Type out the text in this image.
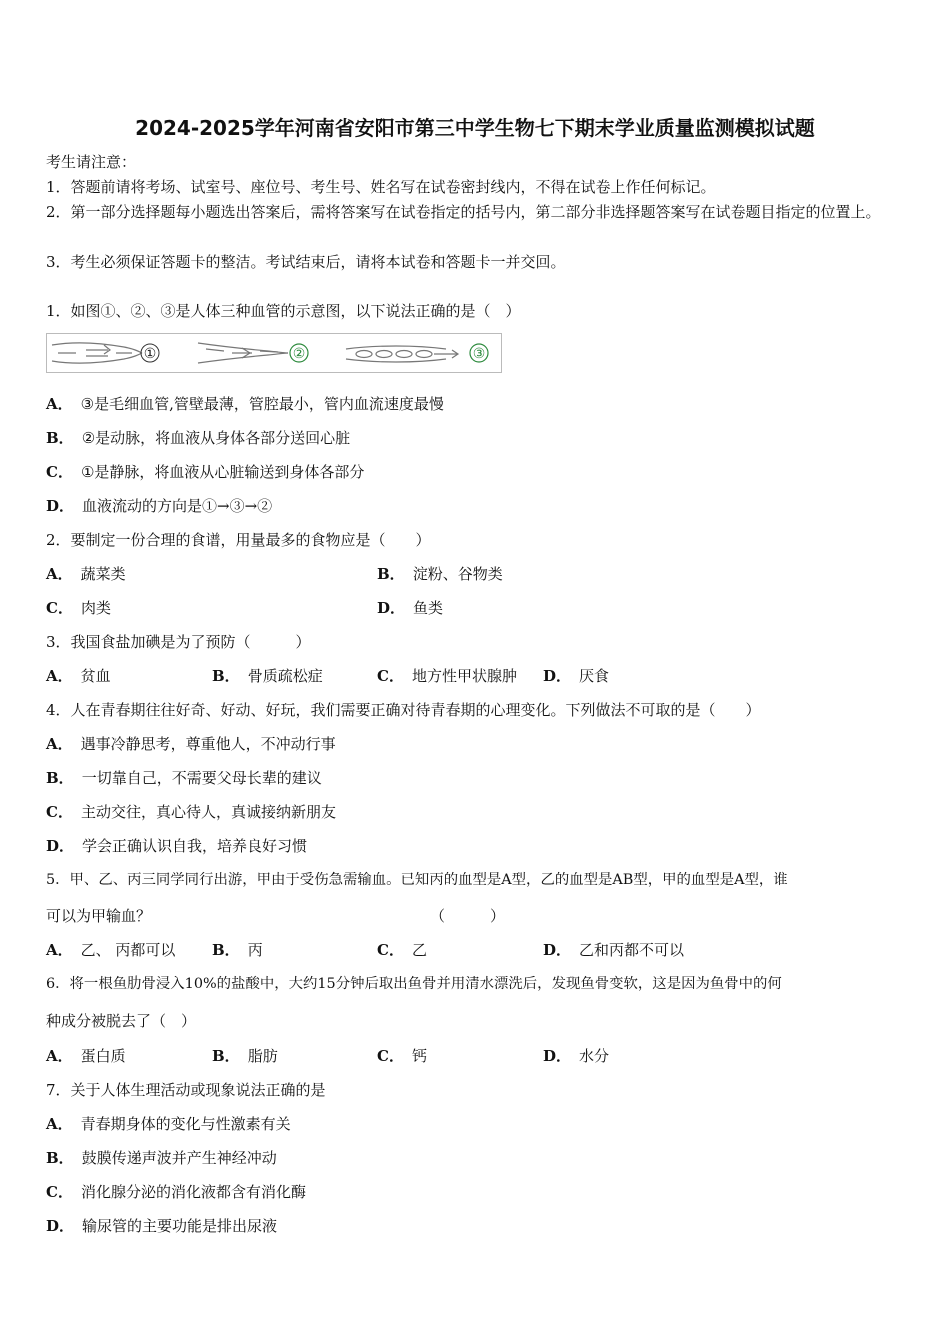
2024-2025学年河南省安阳市第三中学生物七下期末学业质量监测模拟试题
考生请注意：
1．答题前请将考场、试室号、座位号、考生号、姓名写在试卷密封线内，不得在试卷上作任何标记。
2．第一部分选择题每小题选出答案后，需将答案写在试卷指定的括号内，第二部分非选择题答案写在试卷题目指定的位置上。
3．考生必须保证答题卡的整洁。考试结束后，请将本试卷和答题卡一并交回。
1．如图①、②、③是人体三种血管的示意图，以下说法正确的是（　）
①	②	③
A． ③是毛细血管,管壁最薄，管腔最小，管内血流速度最慢
B． ②是动脉，将血液从身体各部分送回心脏
C． ①是静脉，将血液从心脏输送到身体各部分
D． 血液流动的方向是①→③→②
2．要制定一份合理的食谱，用量最多的食物应是（　　）
A． 蔬菜类	B． 淀粉、谷物类
C． 肉类	D． 鱼类
3．我国食盐加碘是为了预防（　　　）
A． 贫血	B． 骨质疏松症	C． 地方性甲状腺肿 D． 厌食
4．人在青春期往往好奇、好动、好玩，我们需要正确对待青春期的心理变化。下列做法不可取的是（　　）
A． 遇事冷静思考，尊重他人，不冲动行事
B． 一切靠自己，不需要父母长辈的建议
C． 主动交往，真心待人，真诚接纳新朋友
D． 学会正确认识自我，培养良好习惯
5．甲、乙、丙三同学同行出游，甲由于受伤急需输血。已知丙的血型是A型，乙的血型是AB型，甲的血型是A型，谁
可以为甲输血？	（　　　）
A． 乙、 丙都可以 B． 丙	C． 乙	D． 乙和丙都不可以
6．将一根鱼肋骨浸入10%的盐酸中，大约15分钟后取出鱼骨并用清水漂洗后，发现鱼骨变软，这是因为鱼骨中的何
种成分被脱去了（　）
A． 蛋白质	B． 脂肪	C． 钙	D． 水分
7．关于人体生理活动或现象说法正确的是
A． 青春期身体的变化与性激素有关
B． 鼓膜传递声波并产生神经冲动
C． 消化腺分泌的消化液都含有消化酶
D． 输尿管的主要功能是排出尿液
